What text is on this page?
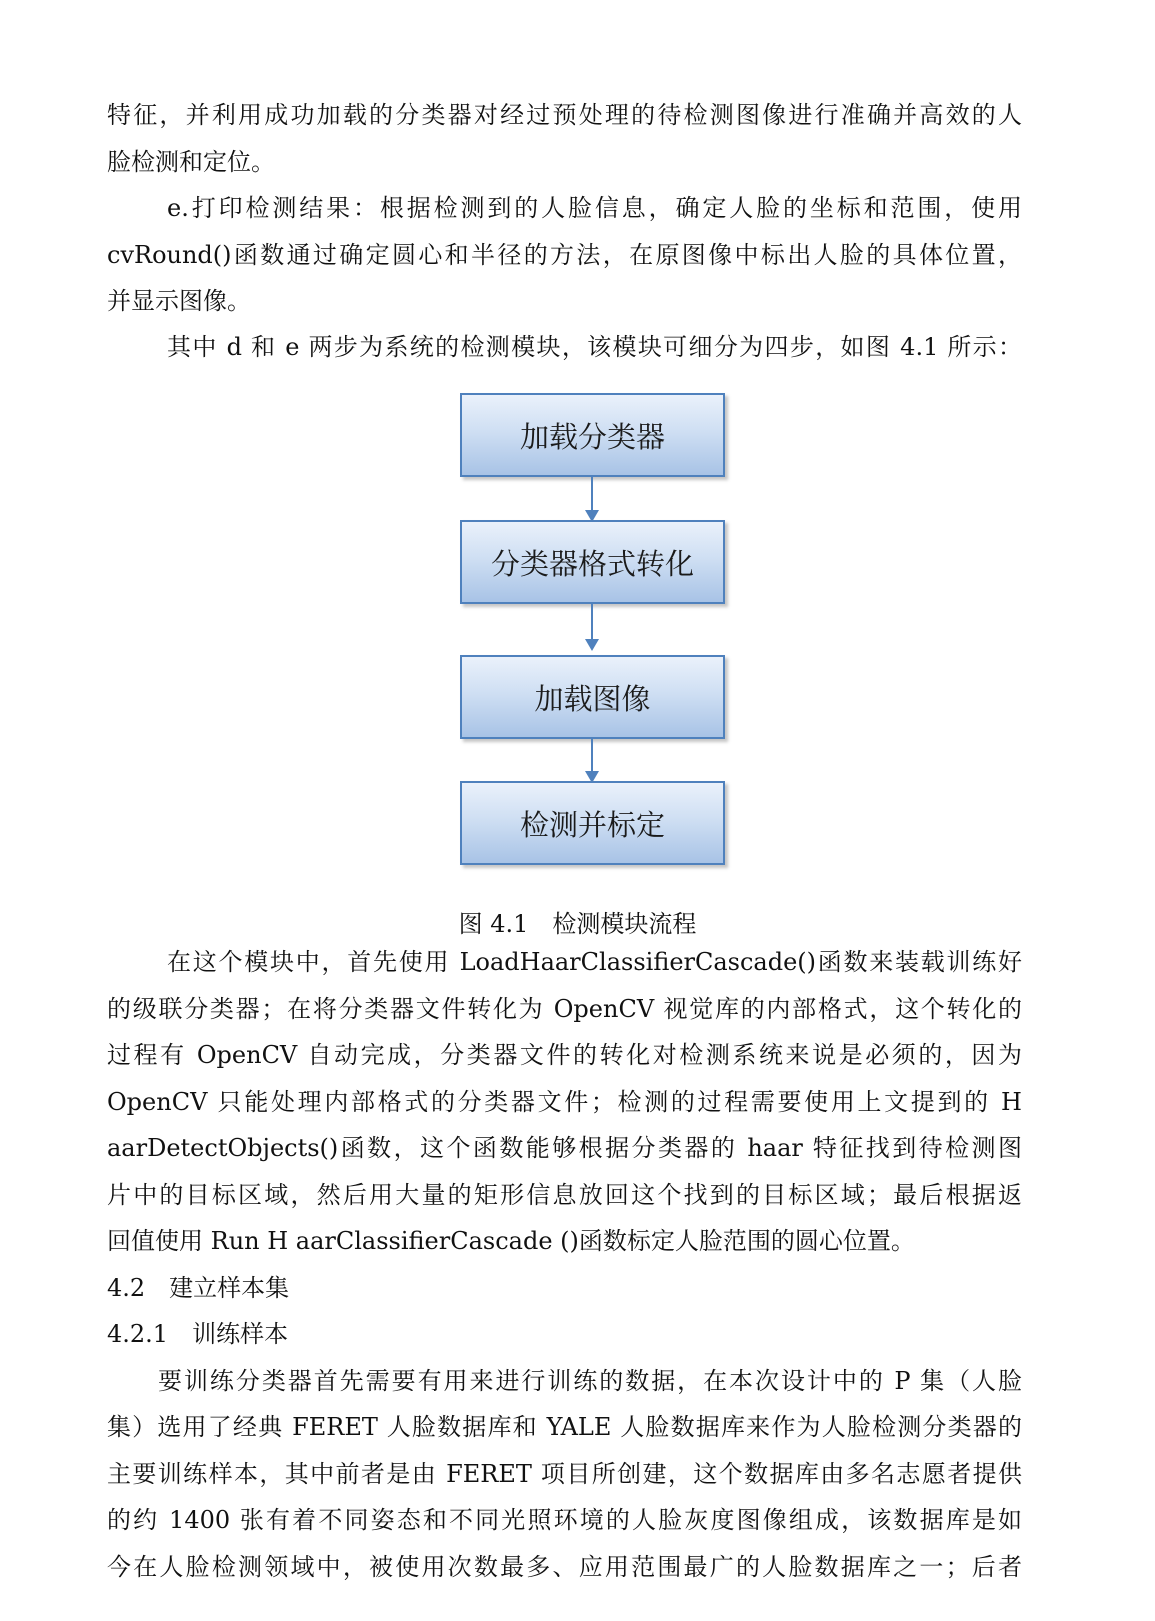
特征，并利用成功加载的分类器对经过预处理的待检测图像进行准确并高效的人
脸检测和定位。
e.打印检测结果：根据检测到的人脸信息，确定人脸的坐标和范围，使用
cvRound()函数通过确定圆心和半径的方法，在原图像中标出人脸的具体位置，
并显示图像。
其中 d 和 e 两步为系统的检测模块，该模块可细分为四步，如图 4.1 所示：
加载分类器
分类器格式转化
加载图像
检测并标定
图 4.1　检测模块流程
在这个模块中，首先使用 LoadHaarClassifierCascade()函数来装载训练好
的级联分类器；在将分类器文件转化为 OpenCV 视觉库的内部格式，这个转化的
过程有 OpenCV 自动完成，分类器文件的转化对检测系统来说是必须的，因为
OpenCV 只能处理内部格式的分类器文件；检测的过程需要使用上文提到的 H
aarDetectObjects()函数，这个函数能够根据分类器的 haar 特征找到待检测图
片中的目标区域，然后用大量的矩形信息放回这个找到的目标区域；最后根据返
回值使用 Run H aarClassifierCascade ()函数标定人脸范围的圆心位置。
4.2　建立样本集
4.2.1　训练样本
要训练分类器首先需要有用来进行训练的数据，在本次设计中的 P 集（人脸
集）选用了经典 FERET 人脸数据库和 YALE 人脸数据库来作为人脸检测分类器的
主要训练样本，其中前者是由 FERET 项目所创建，这个数据库由多名志愿者提供
的约 1400 张有着不同姿态和不同光照环境的人脸灰度图像组成，该数据库是如
今在人脸检测领域中，被使用次数最多、应用范围最广的人脸数据库之一；后者
